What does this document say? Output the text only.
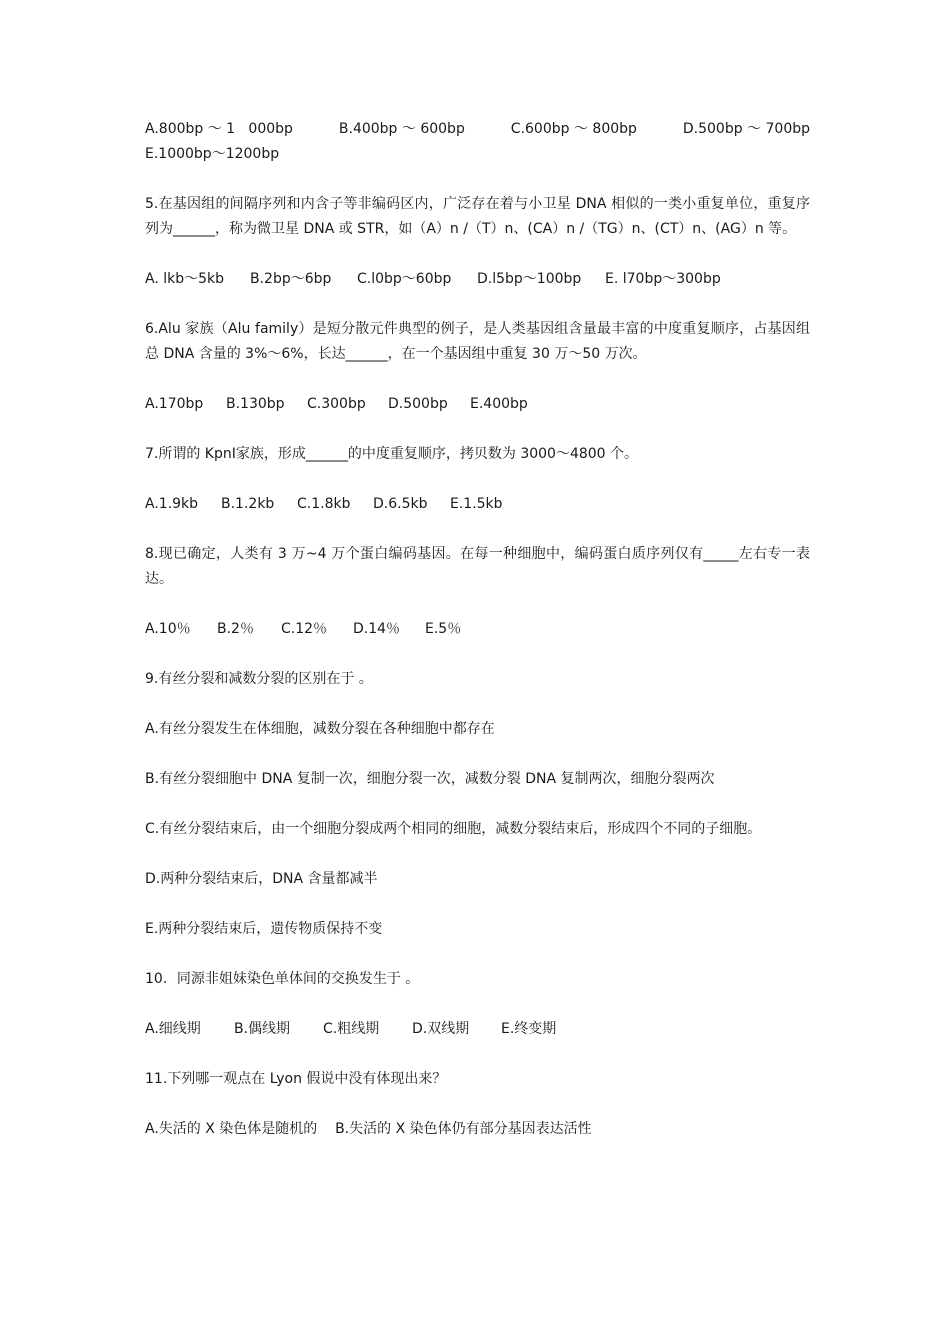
A.800bp ～ 1   000bp	B.400bp ～ 600bp	C.600bp ～ 800bp	D.500bp ～ 700bp
E.1000bp～1200bp

5.在基因组的间隔序列和内含子等非编码区内，广泛存在着与小卫星 DNA 相似的一类小重复单位，重复序列为______，称为微卫星 DNA 或 STR，如（A）n /（T）n、(CA）n /（TG）n、(CT）n、(AG）n 等。

A. lkb～5kb	B.2bp～6bp	C.l0bp～60bp	D.l5bp～100bp	E. l70bp～300bp

6.Alu 家族（Alu family）是短分散元件典型的例子，是人类基因组含量最丰富的中度重复顺序，占基因组总 DNA 含量的 3%～6%，长达______，在一个基因组中重复 30 万～50 万次。

A.170bp	B.130bp	C.300bp	D.500bp	E.400bp

7.所谓的 KpnⅠ家族，形成______的中度重复顺序，拷贝数为 3000～4800 个。

A.1.9kb	B.1.2kb	C.1.8kb	D.6.5kb	E.1.5kb

8.现已确定，人类有 3 万~4 万个蛋白编码基因。在每一种细胞中，编码蛋白质序列仅有_____左右专一表达。

A.10％	B.2％	C.12％	D.14％	E.5％

9.有丝分裂和减数分裂的区别在于 。

A.有丝分裂发生在体细胞，减数分裂在各种细胞中都存在

B.有丝分裂细胞中 DNA 复制一次，细胞分裂一次，减数分裂 DNA 复制两次，细胞分裂两次

C.有丝分裂结束后，由一个细胞分裂成两个相同的细胞，减数分裂结束后，形成四个不同的子细胞。

D.两种分裂结束后，DNA 含量都减半

E.两种分裂结束后，遗传物质保持不变

10．同源非姐妹染色单体间的交换发生于 。

A.细线期	B.偶线期	C.粗线期	D.双线期	E.终变期

11.下列哪一观点在 Lyon 假说中没有体现出来？

A.失活的 X 染色体是随机的    B.失活的 X 染色体仍有部分基因表达活性
